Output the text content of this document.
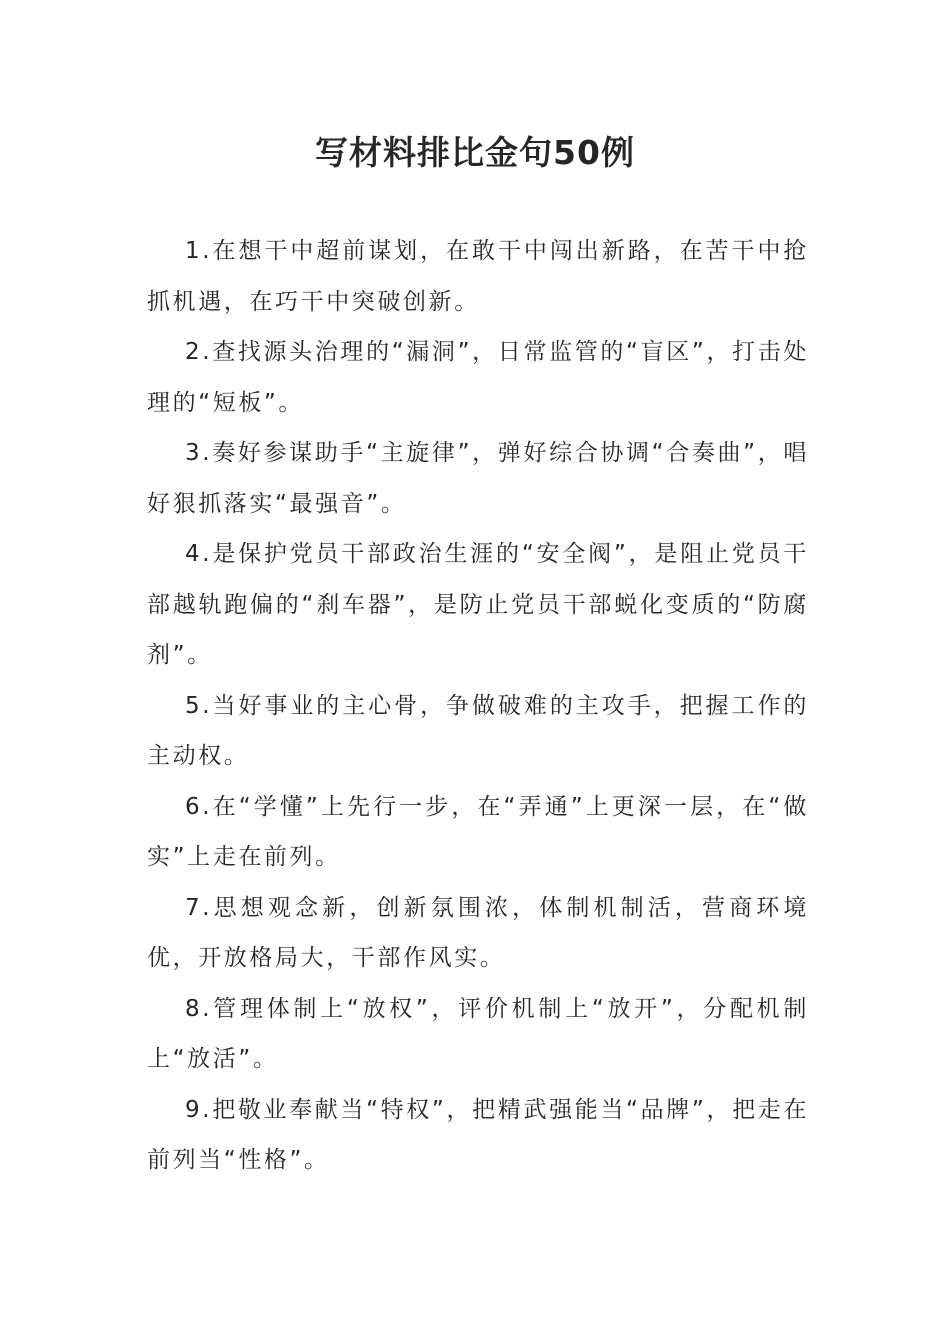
写材料排比金句50例

1.在想干中超前谋划，在敢干中闯出新路，在苦干中抢抓机遇，在巧干中突破创新。

2.查找源头治理的“漏洞”，日常监管的“盲区”，打击处理的“短板”。

3.奏好参谋助手“主旋律”，弹好综合协调“合奏曲”，唱好狠抓落实“最强音”。

4.是保护党员干部政治生涯的“安全阀”，是阻止党员干部越轨跑偏的“刹车器”，是防止党员干部蜕化变质的“防腐剂”。

5.当好事业的主心骨，争做破难的主攻手，把握工作的主动权。

6.在“学懂”上先行一步，在“弄通”上更深一层，在“做实”上走在前列。

7.思想观念新，创新氛围浓，体制机制活，营商环境优，开放格局大，干部作风实。

8.管理体制上“放权”，评价机制上“放开”，分配机制上“放活”。

9.把敬业奉献当“特权”，把精武强能当“品牌”，把走在前列当“性格”。
